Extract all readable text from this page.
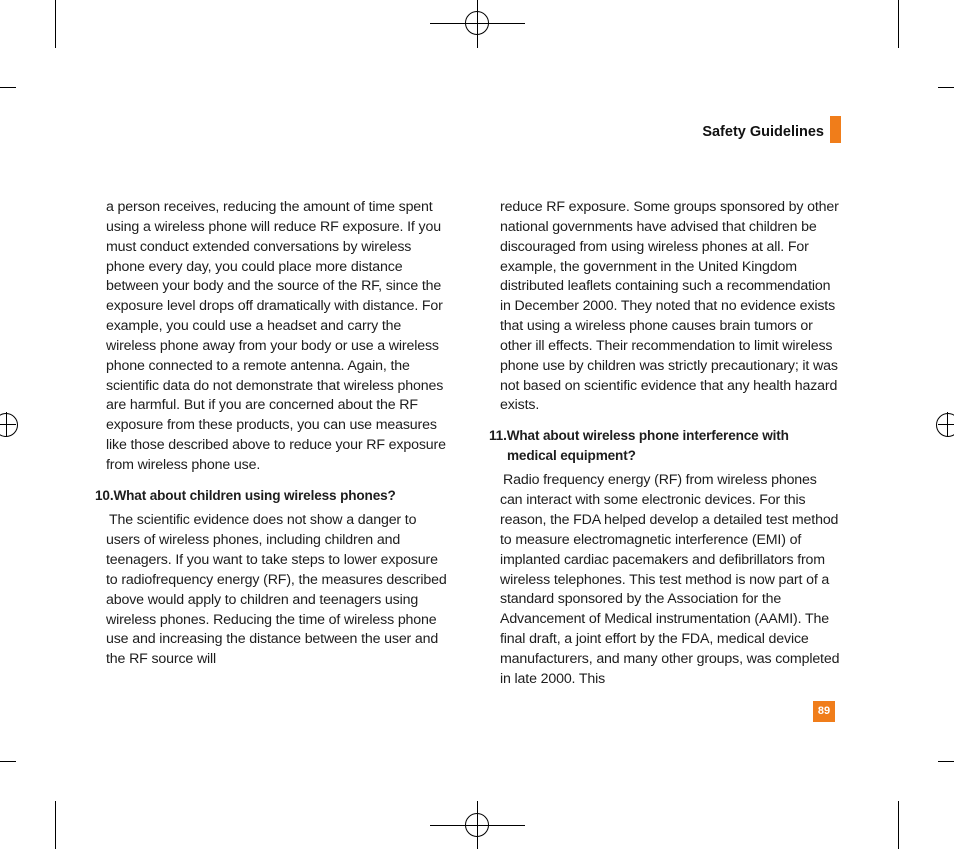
Safety Guidelines

a person receives, reducing the amount of time spent using a wireless phone will reduce RF exposure. If you must conduct extended conversations by wireless phone every day, you could place more distance between your body and the source of the RF, since the exposure level drops off dramatically with distance. For example, you could use a headset and carry the wireless phone away from your body or use a wireless phone connected to a remote antenna. Again, the scientific data do not demonstrate that wireless phones are harmful. But if you are concerned about the RF exposure from these products, you can use measures like those described above to reduce your RF exposure from wireless phone use.

10.What about children using wireless phones?

The scientific evidence does not show a danger to users of wireless phones, including children and teenagers. If you want to take steps to lower exposure to radiofrequency energy (RF), the measures described above would apply to children and teenagers using wireless phones. Reducing the time of wireless phone use and increasing the distance between the user and the RF source will

reduce RF exposure. Some groups sponsored by other national governments have advised that children be discouraged from using wireless phones at all. For example, the government in the United Kingdom distributed leaflets containing such a recommendation in December 2000. They noted that no evidence exists that using a wireless phone causes brain tumors or other ill effects. Their recommendation to limit wireless phone use by children was strictly precautionary; it was not based on scientific evidence that any health hazard exists.

11.What about wireless phone interference with
medical equipment?

Radio frequency energy (RF) from wireless phones can interact with some electronic devices. For this reason, the FDA helped develop a detailed test method to measure electromagnetic interference (EMI) of implanted cardiac pacemakers and defibrillators from wireless telephones. This test method is now part of a standard sponsored by the Association for the Advancement of Medical instrumentation (AAMI). The final draft, a joint effort by the FDA, medical device manufacturers, and many other groups, was completed in late 2000. This

89
